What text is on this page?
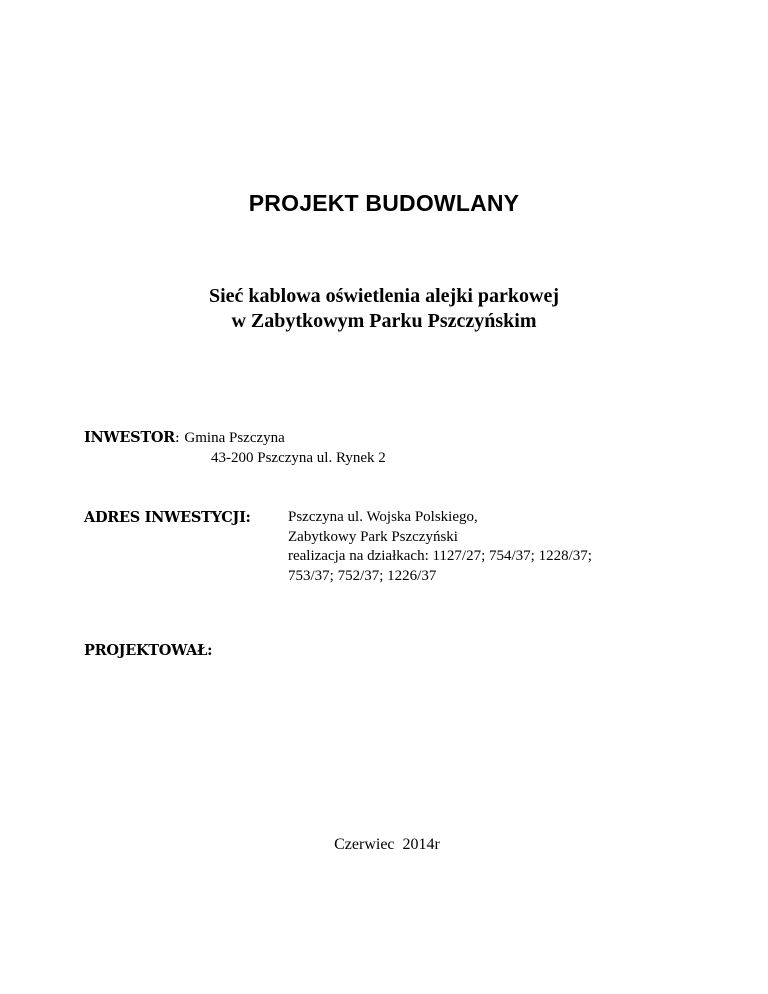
PROJEKT BUDOWLANY
Sieć kablowa oświetlenia alejki parkowej
w Zabytkowym Parku Pszczyńskim
INWESTOR: Gmina Pszczyna
43-200 Pszczyna ul. Rynek 2
ADRES INWESTYCJI: Pszczyna ul. Wojska Polskiego,
Zabytkowy Park Pszczyński
realizacja na działkach: 1127/27; 754/37; 1228/37;
753/37; 752/37; 1226/37
PROJEKTOWAŁ:
Czerwiec  2014r
